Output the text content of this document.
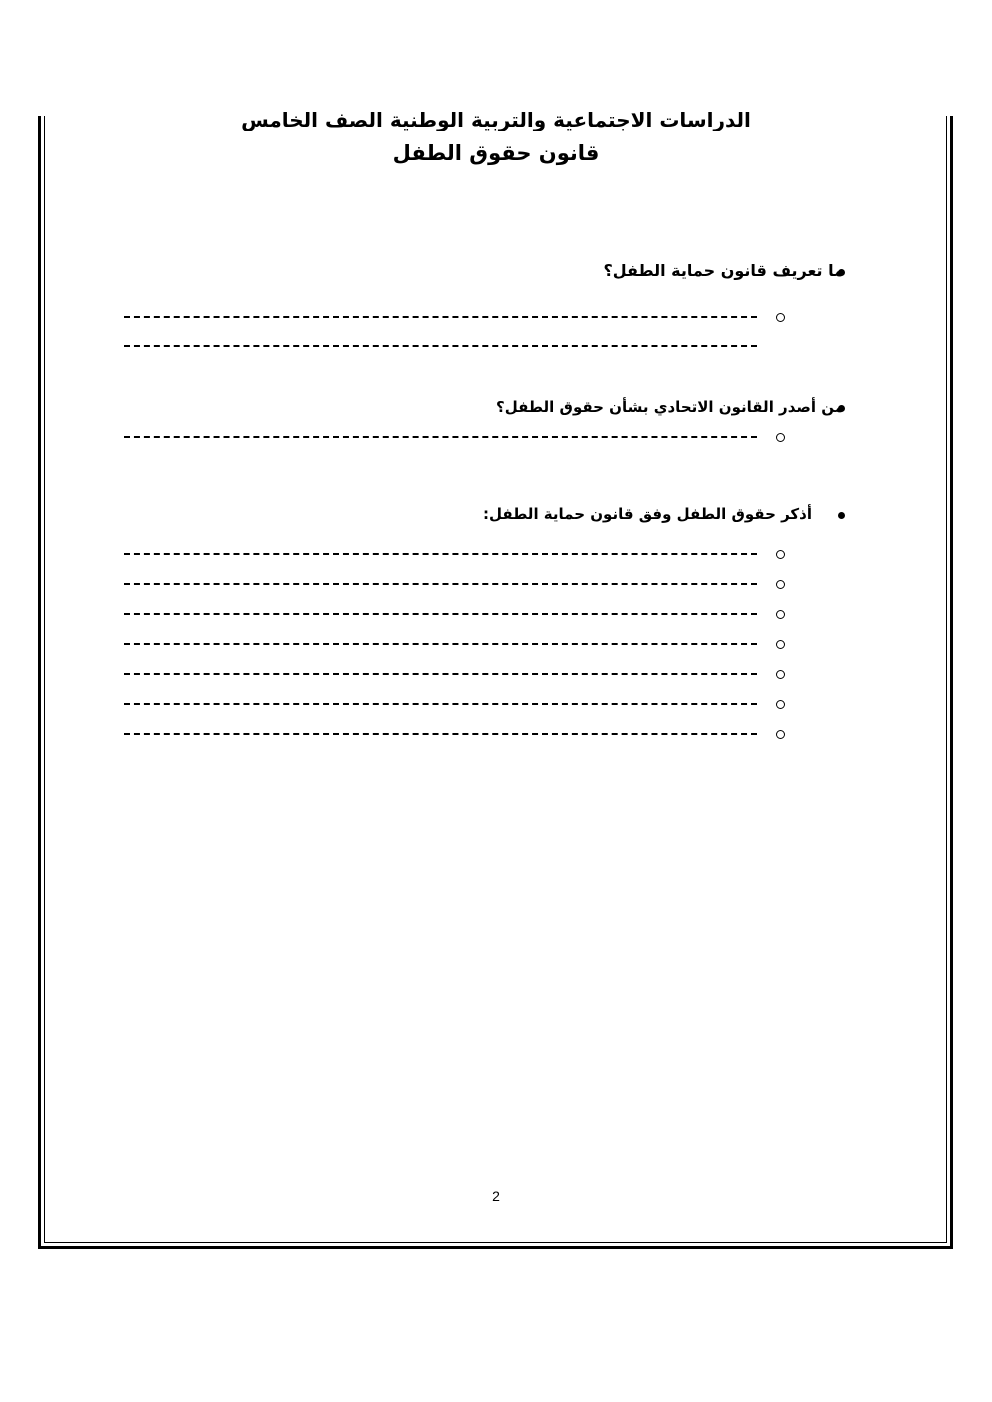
الدراسات الاجتماعية والتربية الوطنية الصف الخامس
قانون حقوق الطفل
ما تعريف قانون حماية الطفل؟
من أصدر القانون الاتحادي بشأن حقوق الطفل؟
أذكر حقوق الطفل وفق قانون حماية الطفل:
2
